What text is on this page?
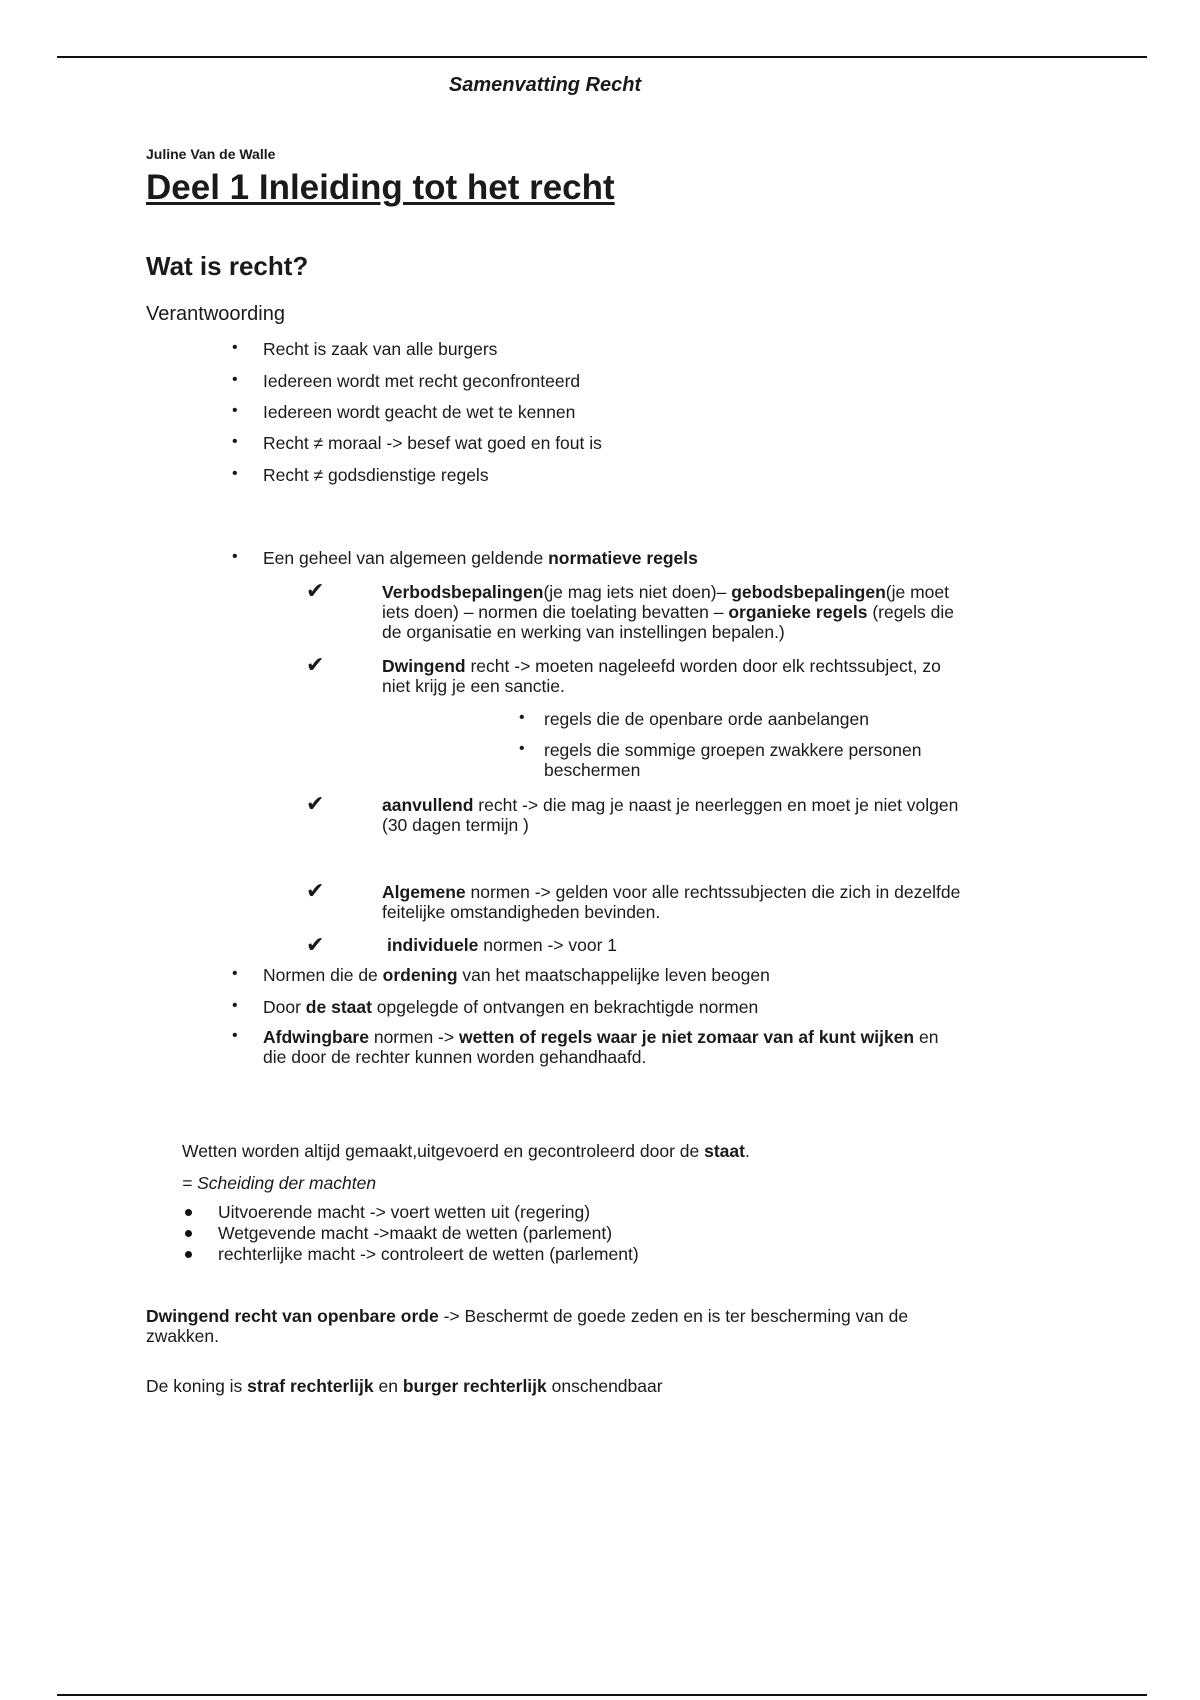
Samenvatting Recht

Juline Van de Walle

Deel 1 Inleiding tot het recht
Wat is recht?

Verantwoording

• Recht is zaak van alle burgers

• Iedereen wordt met recht geconfronteerd

• Iedereen wordt geacht de wet te kennen

• Recht ≠ moraal -> besef wat goed en fout is

• Recht ≠ godsdienstige regels

• Een geheel van algemeen geldende normatieve regels

✔	Verbodsbepalingen(je mag iets niet doen)– gebodsbepalingen(je moet
iets doen) – normen die toelating bevatten – organieke regels (regels die
de organisatie en werking van instellingen bepalen.)
✔	Dwingend recht -> moeten nageleefd worden door elk rechtssubject, zo
niet krijg je een sanctie.
• regels die de openbare orde aanbelangen

• regels die sommige groepen zwakkere personen
beschermen
✔	aanvullend recht -> die mag je naast je neerleggen en moet je niet volgen
(30 dagen termijn )
✔	Algemene normen -> gelden voor alle rechtssubjecten die zich in dezelfde
feitelijke omstandigheden bevinden.
✔	individuele normen -> voor 1

• Normen die de ordening van het maatschappelijke leven beogen

• Door de staat opgelegde of ontvangen en bekrachtigde normen

• Afdwingbare normen -> wetten of regels waar je niet zomaar van af kunt wijken en
die door de rechter kunnen worden gehandhaafd.

Wetten worden altijd gemaakt,uitgevoerd en gecontroleerd door de staat.

= Scheiding der machten

Uitvoerende macht -> voert wetten uit (regering)

Wetgevende macht ->maakt de wetten (parlement)

rechterlijke macht -> controleert de wetten (parlement)

Dwingend recht van openbare orde -> Beschermt de goede zeden en is ter bescherming van de
zwakken.

De koning is straf rechterlijk en burger rechterlijk onschendbaar
